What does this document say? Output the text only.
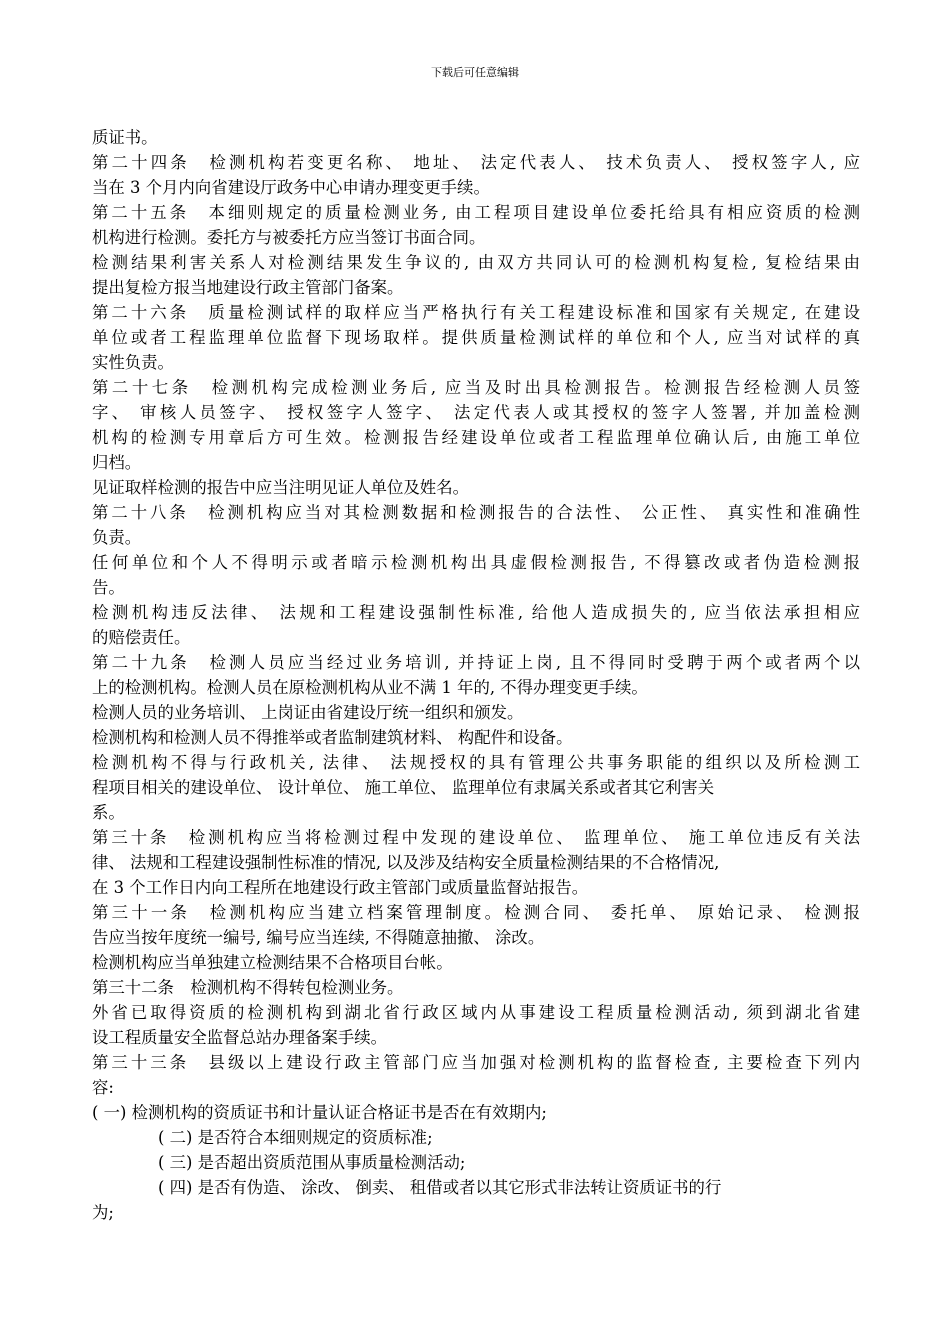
下载后可任意编辑
质证书。
第二十四条　检测机构若变更名称、 地址、 法定代表人、 技术负责人、 授权签字人, 应
当在 3 个月内向省建设厅政务中心申请办理变更手续。
第二十五条　本细则规定的质量检测业务, 由工程项目建设单位委托给具有相应资质的检测
机构进行检测。委托方与被委托方应当签订书面合同。
检测结果利害关系人对检测结果发生争议的, 由双方共同认可的检测机构复检, 复检结果由
提出复检方报当地建设行政主管部门备案。
第二十六条　质量检测试样的取样应当严格执行有关工程建设标准和国家有关规定, 在建设
单位或者工程监理单位监督下现场取样。提供质量检测试样的单位和个人, 应当对试样的真
实性负责。
第二十七条　检测机构完成检测业务后, 应当及时出具检测报告。检测报告经检测人员签
字、 审核人员签字、 授权签字人签字、 法定代表人或其授权的签字人签署, 并加盖检测
机构的检测专用章后方可生效。检测报告经建设单位或者工程监理单位确认后, 由施工单位
归档。
见证取样检测的报告中应当注明见证人单位及姓名。
第二十八条　检测机构应当对其检测数据和检测报告的合法性、 公正性、 真实性和准确性
负责。
任何单位和个人不得明示或者暗示检测机构出具虚假检测报告, 不得篡改或者伪造检测报
告。
检测机构违反法律、 法规和工程建设强制性标准, 给他人造成损失的, 应当依法承担相应
的赔偿责任。
第二十九条　检测人员应当经过业务培训, 并持证上岗, 且不得同时受聘于两个或者两个以
上的检测机构。检测人员在原检测机构从业不满 1 年的, 不得办理变更手续。
检测人员的业务培训、 上岗证由省建设厅统一组织和颁发。
检测机构和检测人员不得推举或者监制建筑材料、 构配件和设备。
检测机构不得与行政机关, 法律、 法规授权的具有管理公共事务职能的组织以及所检测工
程项目相关的建设单位、 设计单位、 施工单位、 监理单位有隶属关系或者其它利害关
系。
第三十条　检测机构应当将检测过程中发现的建设单位、 监理单位、 施工单位违反有关法
律、 法规和工程建设强制性标准的情况, 以及涉及结构安全质量检测结果的不合格情况,
在 3 个工作日内向工程所在地建设行政主管部门或质量监督站报告。
第三十一条　检测机构应当建立档案管理制度。检测合同、 委托单、 原始记录、 检测报
告应当按年度统一编号, 编号应当连续, 不得随意抽撤、 涂改。
检测机构应当单独建立检测结果不合格项目台帐。
第三十二条　检测机构不得转包检测业务。
外省已取得资质的检测机构到湖北省行政区域内从事建设工程质量检测活动, 须到湖北省建
设工程质量安全监督总站办理备案手续。
第三十三条　县级以上建设行政主管部门应当加强对检测机构的监督检查, 主要检查下列内
容:
( 一) 检测机构的资质证书和计量认证合格证书是否在有效期内;
( 二) 是否符合本细则规定的资质标准;
( 三) 是否超出资质范围从事质量检测活动;
( 四) 是否有伪造、 涂改、 倒卖、 租借或者以其它形式非法转让资质证书的行
为;
